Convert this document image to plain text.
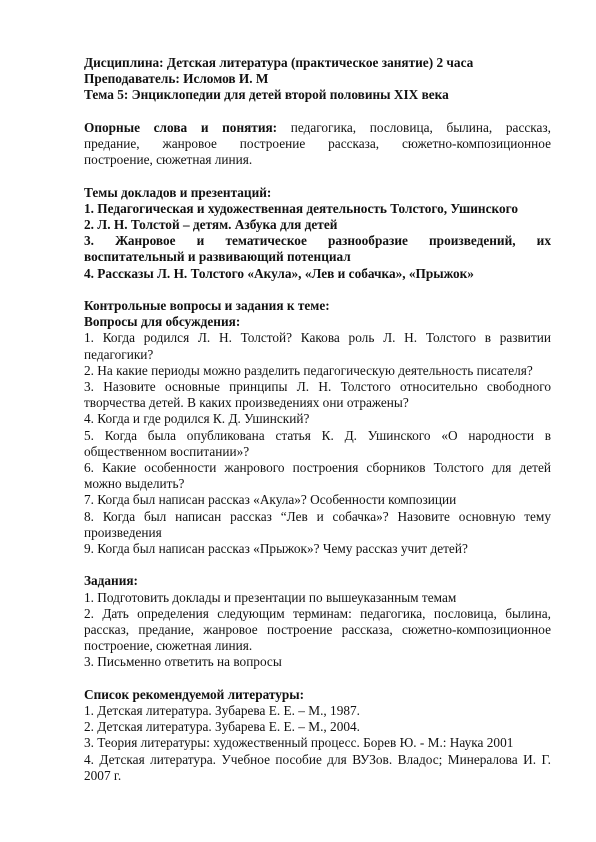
Дисциплина: Детская литература (практическое занятие) 2 часа
Преподаватель: Исломов И. М
Тема 5: Энциклопедии для детей второй половины XIX века
Опорные слова и понятия: педагогика, пословица, былина, рассказ,
предание, жанровое построение рассказа, сюжетно-композиционное
построение, сюжетная линия.
Темы докладов и презентаций:
1. Педагогическая и художественная деятельность Толстого, Ушинского
2. Л. Н. Толстой – детям. Азбука для детей
3. Жанровое и тематическое разнообразие произведений, их
воспитательный и развивающий потенциал
4. Рассказы Л. Н. Толстого «Акула», «Лев и собачка», «Прыжок»
Контрольные вопросы и задания к теме:
Вопросы для обсуждения:
1. Когда родился Л. Н. Толстой? Какова роль Л. Н. Толстого в развитии
педагогики?
2. На какие периоды можно разделить педагогическую деятельность писателя?
3. Назовите основные принципы Л. Н. Толстого относительно свободного
творчества детей. В каких произведениях они отражены?
4. Когда и где родился К. Д. Ушинский?
5. Когда была опубликована статья К. Д. Ушинского «О народности в
общественном воспитании»?
6. Какие особенности жанрового построения сборников Толстого для детей
можно выделить?
7. Когда был написан рассказ «Акула»? Особенности композиции
8. Когда был написан рассказ “Лев и собачка»? Назовите основную тему
произведения
9. Когда был написан рассказ «Прыжок»? Чему рассказ учит детей?
Задания:
1. Подготовить доклады и презентации по вышеуказанным темам
2. Дать определения следующим терминам: педагогика, пословица, былина,
рассказ, предание, жанровое построение рассказа, сюжетно-композиционное
построение, сюжетная линия.
3. Письменно ответить на вопросы
Список рекомендуемой литературы:
1. Детская литература. Зубарева Е. Е. – М., 1987.
2. Детская литература. Зубарева Е. Е. – М., 2004.
3. Теория литературы: художественный процесс. Борев Ю. - М.: Наука 2001
4. Детская литература. Учебное пособие для ВУЗов. Владос; Минералова И. Г.
2007 г.
